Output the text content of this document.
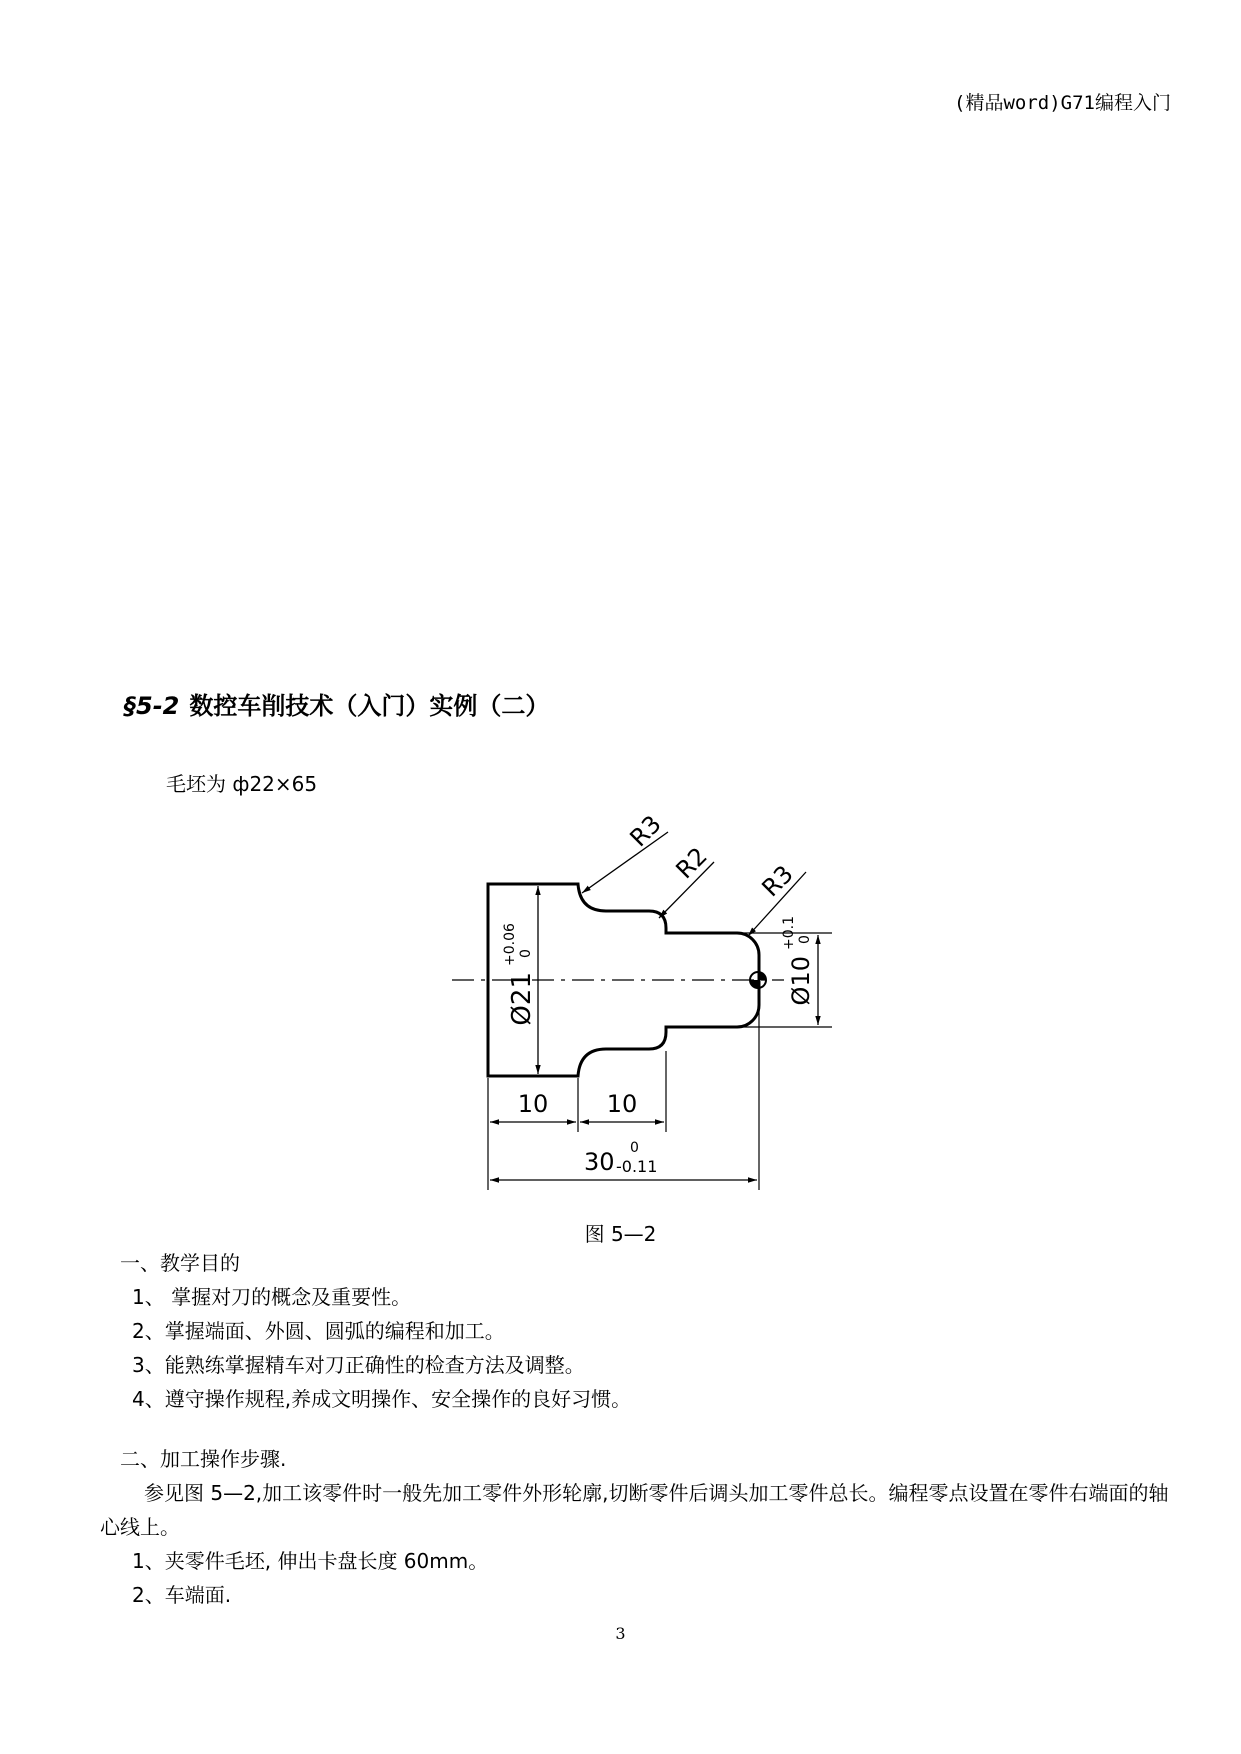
(精品word)G71编程入门
§5-2 数控车削技术（入门）实例（二）
毛坯为 ф22×65
Ø21
+0.06 0
Ø10
+0.1 0
R3
R2 R3
10 10
30 0
-0.11
图 5—2

一、教学目的

1、 掌握对刀的概念及重要性。

2、掌握端面、外圆、圆弧的编程和加工。

3、能熟练掌握精车对刀正确性的检查方法及调整。

4、遵守操作规程,养成文明操作、安全操作的良好习惯。

二、加工操作步骤.

参见图 5—2,加工该零件时一般先加工零件外形轮廓,切断零件后调头加工零件总长。编程零点设置在零件右端面的轴心线上。

1、夹零件毛坯, 伸出卡盘长度 60mm。

2、车端面.

3
